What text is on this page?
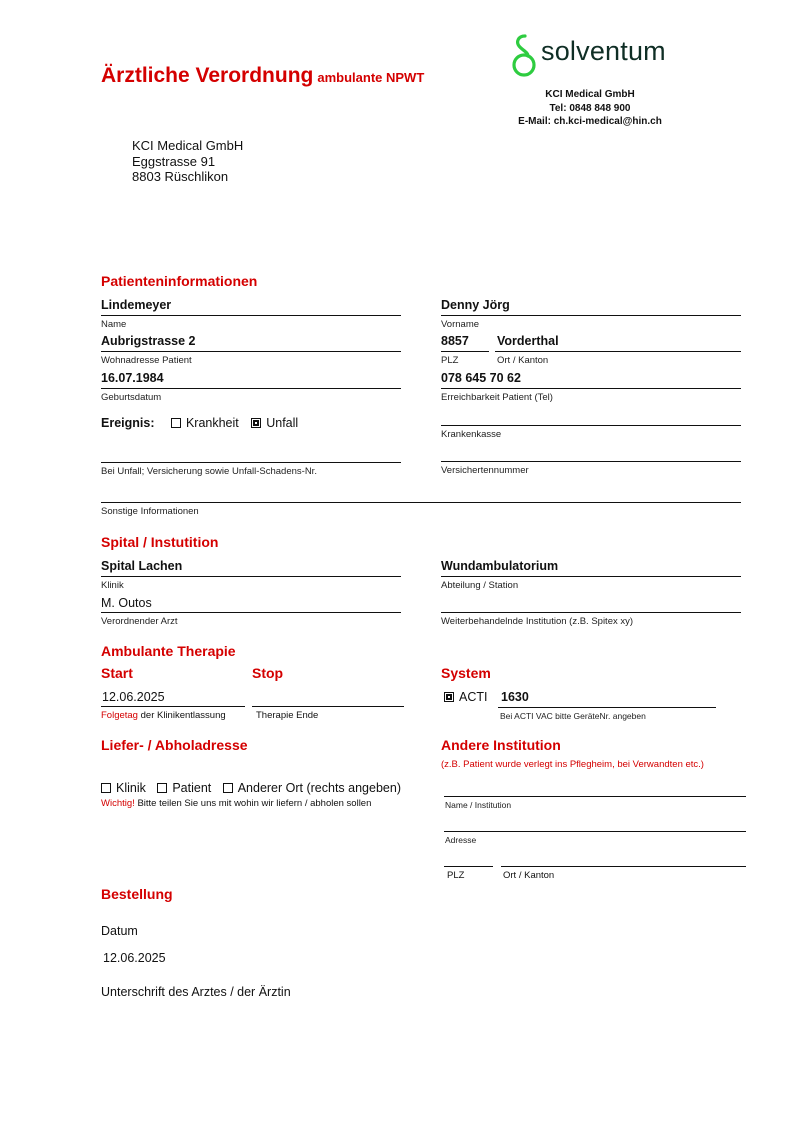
Ärztliche Verordnung ambulante NPWT
solventum
KCI Medical GmbH
Tel: 0848 848 900
E-Mail: ch.kci-medical@hin.ch
KCI Medical GmbH
Eggstrasse 91
8803 Rüschlikon
Patienteninformationen
Lindemeyer
Name
Denny Jörg
Vorname
Aubrigstrasse 2
Wohnadresse Patient
8857
PLZ
Vorderthal
Ort / Kanton
16.07.1984
Geburtsdatum
078 645 70 62
Erreichbarkeit Patient (Tel)
Ereignis:	Krankheit Unfall
Krankenkasse
Bei Unfall; Versicherung sowie Unfall-Schadens-Nr.	Versichertennummer
Sonstige Informationen
Spital / Instutition
Spital Lachen
Klinik
Wundambulatorium
Abteilung / Station
M. Outos
Verordnender Arzt	Weiterbehandelnde Institution (z.B. Spitex xy)
Ambulante Therapie
Start	Stop	System
12.06.2025
Folgetag der Klinikentlassung	Therapie Ende
ACTI 1630
Bei ACTI VAC bitte GeräteNr. angeben
Liefer- / Abholadresse
Klinik Patient Anderer Ort (rechts angeben)
Wichtig! Bitte teilen Sie uns mit wohin wir liefern / abholen sollen
Andere Institution
(z.B. Patient wurde verlegt ins Pflegheim, bei Verwandten etc.)
Name / Institution
Adresse
PLZ	Ort / Kanton
Bestellung
Datum
12.06.2025
Unterschrift des Arztes / der Ärztin
